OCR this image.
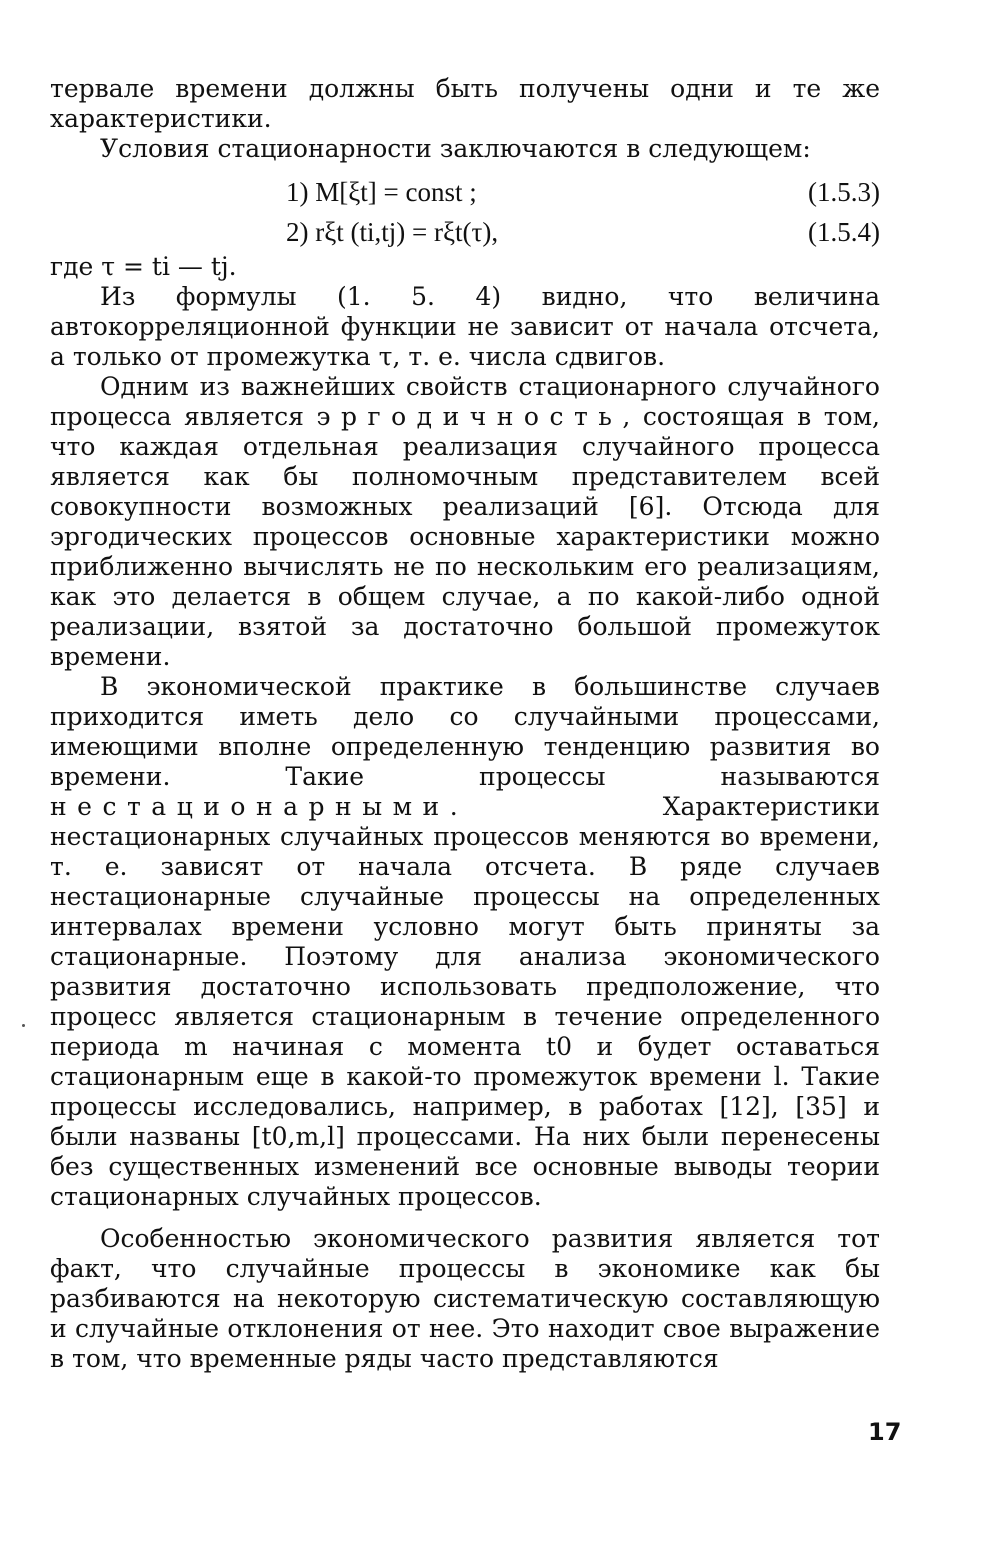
тервале времени должны быть получены одни и те же характеристики.

Условия стационарности заключаются в следующем:

1) M[ξt] = const ;	(1.5.3)
2) rξt (ti,tj) = rξt(τ),	(1.5.4)

где τ = ti — tj.

Из формулы (1. 5. 4) видно, что величина автокорреляционной функции не зависит от начала отсчета, а только от промежутка τ, т. е. числа сдвигов.

Одним из важнейших свойств стационарного случайного процесса является эргодичность, состоящая в том, что каждая отдельная реализация случайного процесса является как бы полномочным представителем всей совокупности возможных реализаций [6]. Отсюда для эргодических процессов основные характеристики можно приближенно вычислять не по нескольким его реализациям, как это делается в общем случае, а по какой-либо одной реализации, взятой за достаточно большой промежуток времени.

В экономической практике в большинстве случаев приходится иметь дело со случайными процессами, имеющими вполне определенную тенденцию развития во времени. Такие процессы называются нестационарными. Характеристики нестационарных случайных процессов меняются во времени, т. е. зависят от начала отсчета. В ряде случаев нестационарные случайные процессы на определенных интервалах времени условно могут быть приняты за стационарные. Поэтому для анализа экономического развития достаточно использовать предположение, что процесс является стационарным в течение определенного периода m начиная с момента t0 и будет оставаться стационарным еще в какой-то промежуток времени l. Такие процессы исследовались, например, в работах [12], [35] и были названы [t0,m,l] процессами. На них были перенесены без существенных изменений все основные выводы теории стационарных случайных процессов.

Особенностью экономического развития является тот факт, что случайные процессы в экономике как бы разбиваются на некоторую систематическую составляющую и случайные отклонения от нее. Это находит свое выражение в том, что временные ряды часто представляются

17
